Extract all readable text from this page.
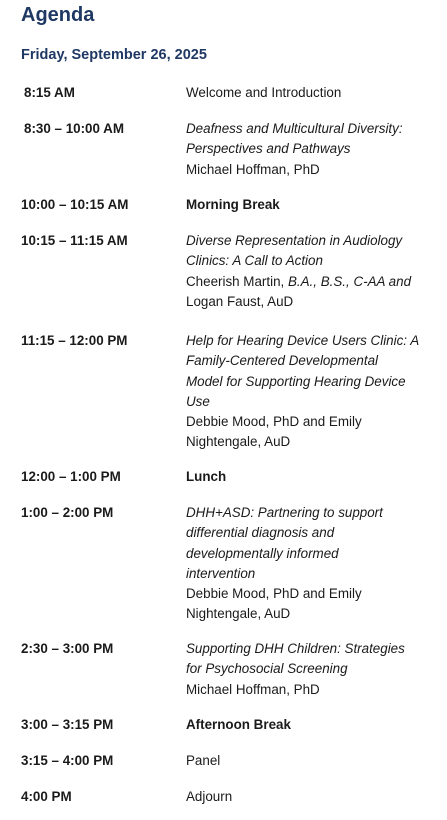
Agenda
Friday, September 26, 2025
8:15 AM	Welcome and Introduction
8:30 – 10:00 AM	Deafness and Multicultural Diversity:
Perspectives and Pathways
Michael Hoffman, PhD
10:00 – 10:15 AM	Morning Break
10:15 – 11:15 AM	Diverse Representation in Audiology
Clinics: A Call to Action
Cheerish Martin, B.A., B.S., C-AA and
Logan Faust, AuD
11:15 – 12:00 PM	Help for Hearing Device Users Clinic: A
Family-Centered Developmental
Model for Supporting Hearing Device
Use
Debbie Mood, PhD and Emily
Nightengale, AuD
12:00 – 1:00 PM	Lunch
1:00 – 2:00 PM	DHH+ASD: Partnering to support
differential diagnosis and
developmentally informed
intervention
Debbie Mood, PhD and Emily
Nightengale, AuD
2:30 – 3:00 PM	Supporting DHH Children: Strategies
for Psychosocial Screening
Michael Hoffman, PhD
3:00 – 3:15 PM	Afternoon Break
3:15 – 4:00 PM	Panel
4:00 PM	Adjourn
